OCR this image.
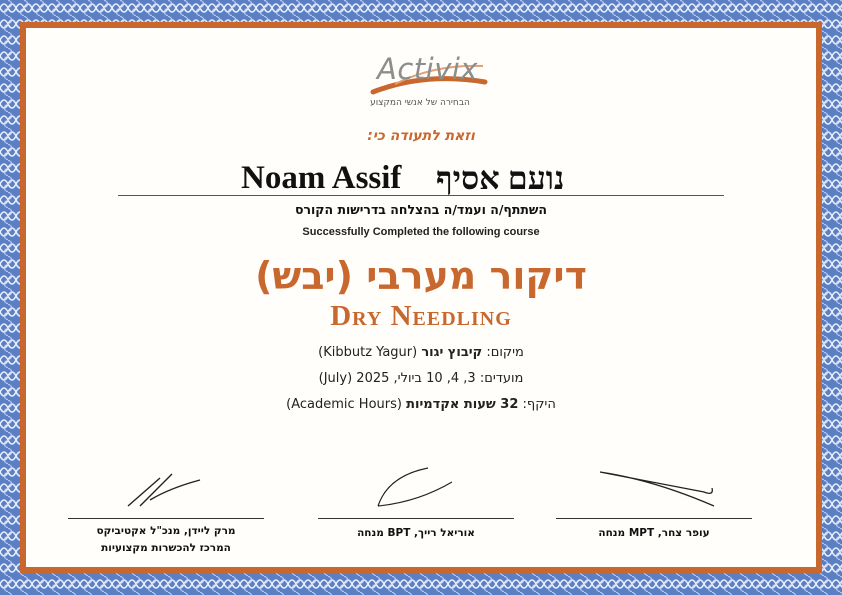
Activix
הבחירה של אנשי המקצוע
וזאת לתעודה כי:
Noam Assif נועם אסיף
השתתף/ה ועמד/ה בהצלחה בדרישות הקורס
Successfully Completed the following course
דיקור מערבי (יבש)
Dry Needling
מיקום: קיבוץ יגור (Kibbutz Yagur)
מועדים: 3, 4, 10 ביולי, 2025 (July)
היקף: 32 שעות אקדמיות (Academic Hours)
מרק ליידן, מנכ"ל אקטיביקס
המרכז להכשרות מקצועיות
אוריאל רייך, BPT מנחה	עופר צחר, MPT מנחה
